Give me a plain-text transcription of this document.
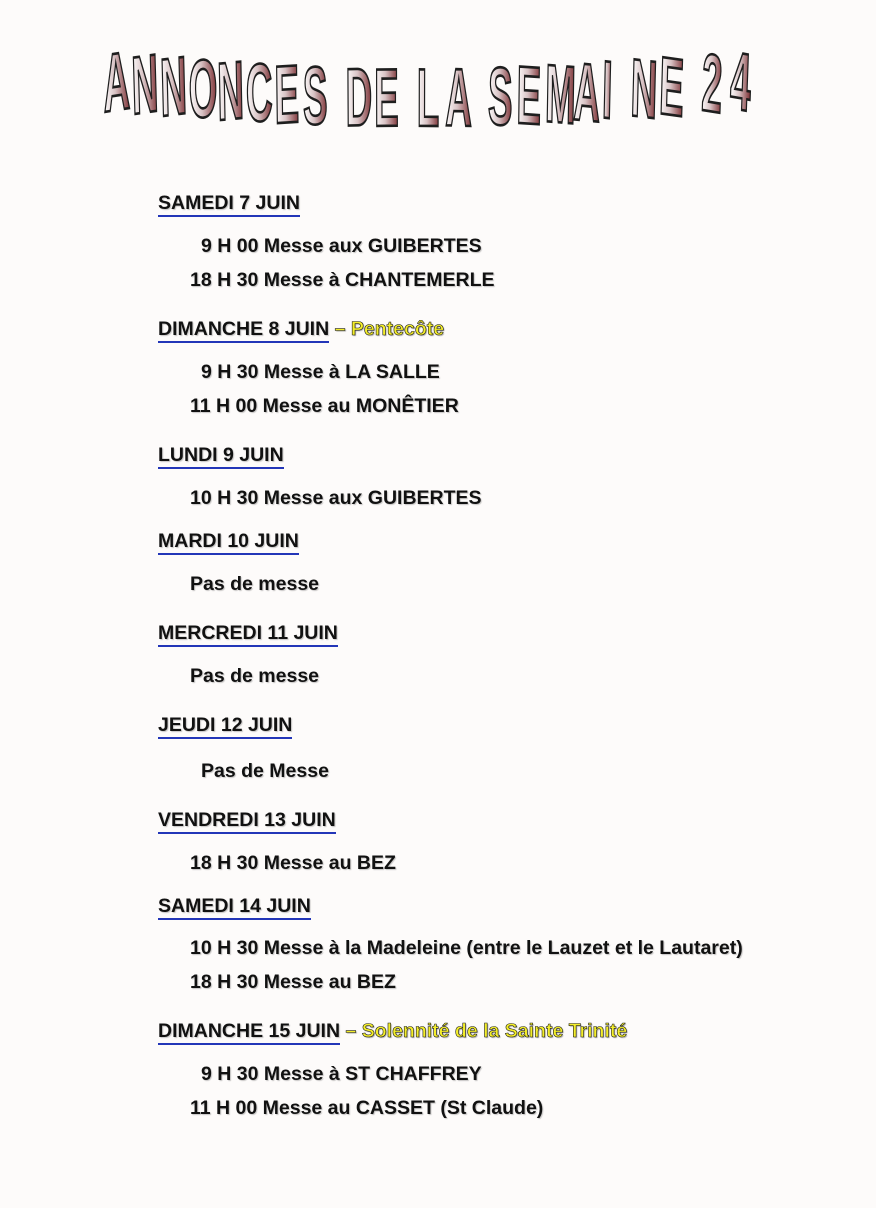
A N N O
N C E S D E L A S E M
A I N E 2 4
SAMEDI 7 JUIN
9 H 00 Messe aux GUIBERTES
18 H 30 Messe à CHANTEMERLE
DIMANCHE 8 JUIN – Pentecôte
9 H 30 Messe à LA SALLE
11 H 00 Messe au MONÊTIER
LUNDI 9 JUIN
10 H 30 Messe aux GUIBERTES
MARDI 10 JUIN
Pas de messe
MERCREDI 11 JUIN
Pas de messe
JEUDI 12 JUIN
Pas de Messe
VENDREDI 13 JUIN
18 H 30 Messe au BEZ
SAMEDI 14 JUIN
10 H 30 Messe à la Madeleine (entre le Lauzet et le Lautaret)
18 H 30 Messe au BEZ
DIMANCHE 15 JUIN – Solennité de la Sainte Trinité
9 H 30 Messe à ST CHAFFREY
11 H 00 Messe au CASSET (St Claude)
